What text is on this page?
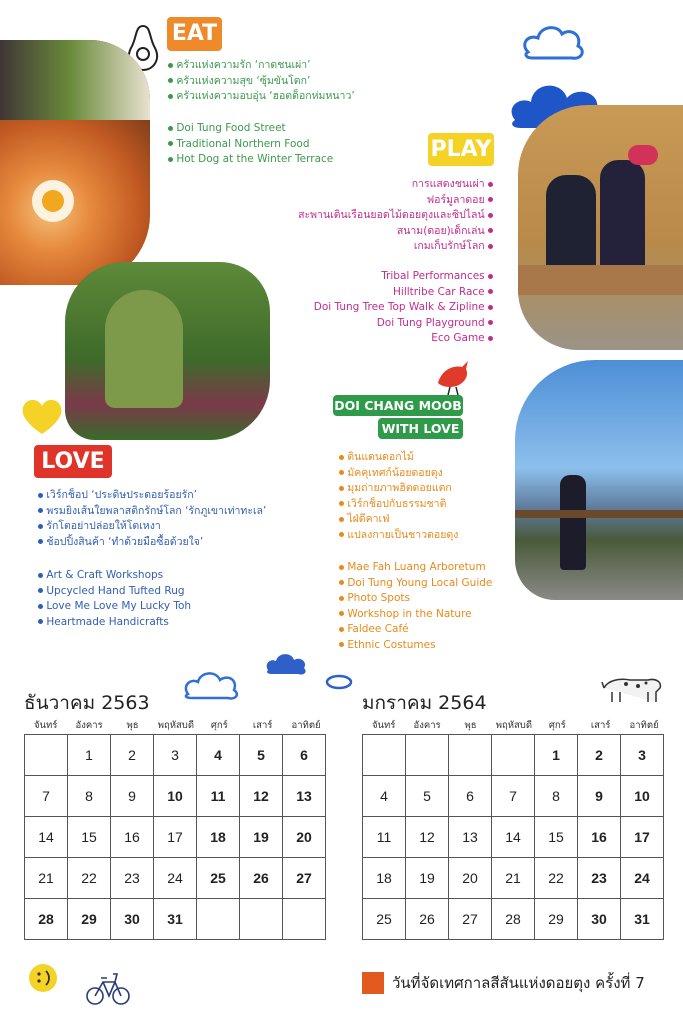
EAT
ครัวแห่งความรัก ‘กาดชนเผ่า’
ครัวแห่งความสุข ‘ซุ้มขันโตก’
ครัวแห่งความอบอุ่น ‘ฮอตด็อกห่มหนาว’
Doi Tung Food Street
Traditional Northern Food
Hot Dog at the Winter Terrace	PLAY
การแสดงชนเผ่า
ฟอร์มูลาดอย
สะพานเดินเรือนยอดไม้ดอยตุงและซิปไลน์
สนาม(ดอย)เด็กเล่น
เกมเก็บรักษ์โลก
Tribal Performances
Hilltribe Car Race
Doi Tung Tree Top Walk & Zipline
Doi Tung Playground
Eco Game
DOI CHANG MOOB
WITH LOVE
ดินแดนดอกไม้
มัคคุเทศก์น้อยดอยตุง
มุมถ่ายภาพฮิตดอยแตก
เวิร์กช็อปกับธรรมชาติ
ไฝ่ดีคาเฟ่
แปลงกายเป็นชาวดอยตุง
Mae Fah Luang Arboretum
Doi Tung Young Local Guide
Photo Spots
Workshop in the Nature
Faldee Café
Ethnic Costumes
LOVE
เวิร์กช็อป ‘ประดิษประดอยร้อยรัก’
พรมยิงเส้นใยพลาสติกรักษ์โลก ‘รักภูเขาเท่าทะเล’
รักโตอย่าปล่อยให้โตเหงา
ช้อปปิ้งสินค้า ‘ทำด้วยมือซื้อด้วยใจ’
Art & Craft Workshops
Upcycled Hand Tufted Rug
Love Me Love My Lucky Toh
Heartmade Handicrafts
ธันวาคม 2563
จันทร์	อังคาร	พุธ	พฤหัสบดี	ศุกร์	เสาร์	อาทิตย์
	1	2	3	4	5	6
7	8	9	10	11	12	13
14	15	16	17	18	19	20
21	22	23	24	25	26	27
28	29	30	31			
มกราคม 2564
จันทร์	อังคาร	พุธ	พฤหัสบดี	ศุกร์	เสาร์	อาทิตย์
				1	2	3
4	5	6	7	8	9	10
11	12	13	14	15	16	17
18	19	20	21	22	23	24
25	26	27	28	29	30	31
วันที่จัดเทศกาลสีสันแห่งดอยตุง ครั้งที่ 7
